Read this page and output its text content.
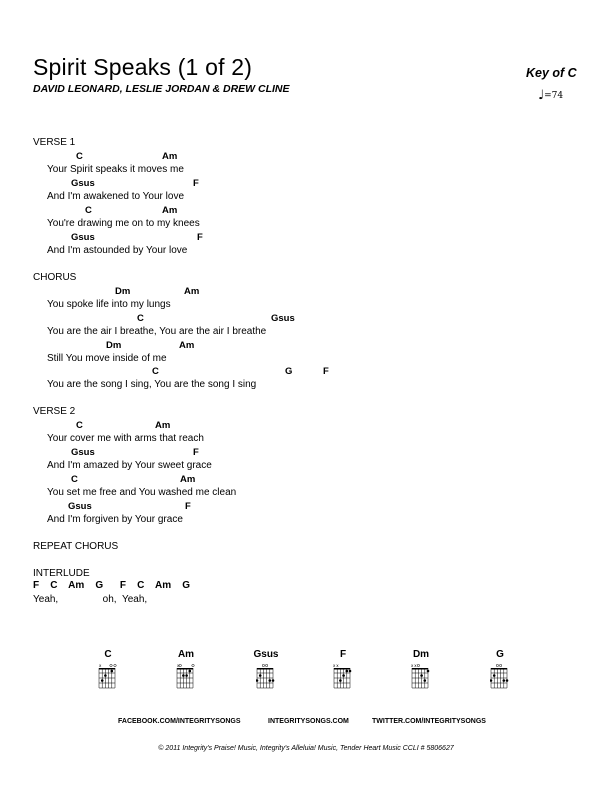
Spirit Speaks (1 of 2)
DAVID LEONARD, LESLIE JORDAN & DREW CLINE
Key of C
♩=74
VERSE 1
C	Am
Your Spirit speaks it moves me
Gsus	F
And I'm awakened to Your love
C	Am
You're drawing me on to my knees
Gsus	F
And I'm astounded by Your love
CHORUS
Dm	Am
You spoke life into my lungs
C	Gsus
You are the air I breathe, You are the air I breathe
Dm	Am
Still You move inside of me
C	G	F
You are the song I sing, You are the song I sing
VERSE 2
C	Am
Your cover me with arms that reach
Gsus	F
And I'm amazed by Your sweet grace
C	Am
You set me free and You washed me clean
Gsus	F
And I'm forgiven by Your grace
REPEAT CHORUS
INTERLUDE
F    C    Am    G      F    C    Am    G
Yeah,                oh,  Yeah,
C
x
Am
x
Gsus	F
x x
Dm
x x
G
FACEBOOK.COM/INTEGRITYSONGS	INTEGRITYSONGS.COM	TWITTER.COM/INTEGRITYSONGS
© 2011 Integrity's Praise! Music, Integrity's Alleluia! Music, Tender Heart Music CCLI # 5806627
